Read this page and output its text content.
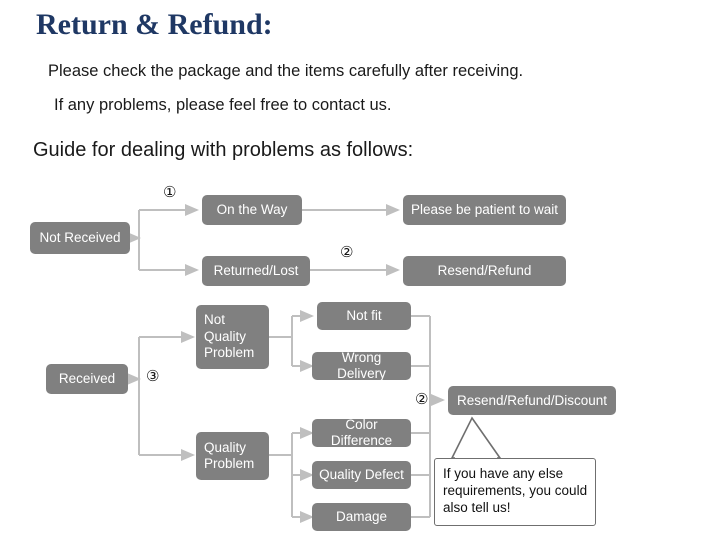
Return & Refund:
Please check the package and the items carefully after receiving.
If any problems, please feel free to contact us.
Guide for dealing with problems as follows:
Not Received
On the Way
Returned/Lost
Please be patient to wait
Resend/Refund
Received
Not
Quality
Problem
Quality
Problem
Not fit
Wrong Delivery
Color Difference
Quality Defect
Damage
Resend/Refund/Discount
①
②
③
②
If you have any else
requirements, you could
also tell us!
